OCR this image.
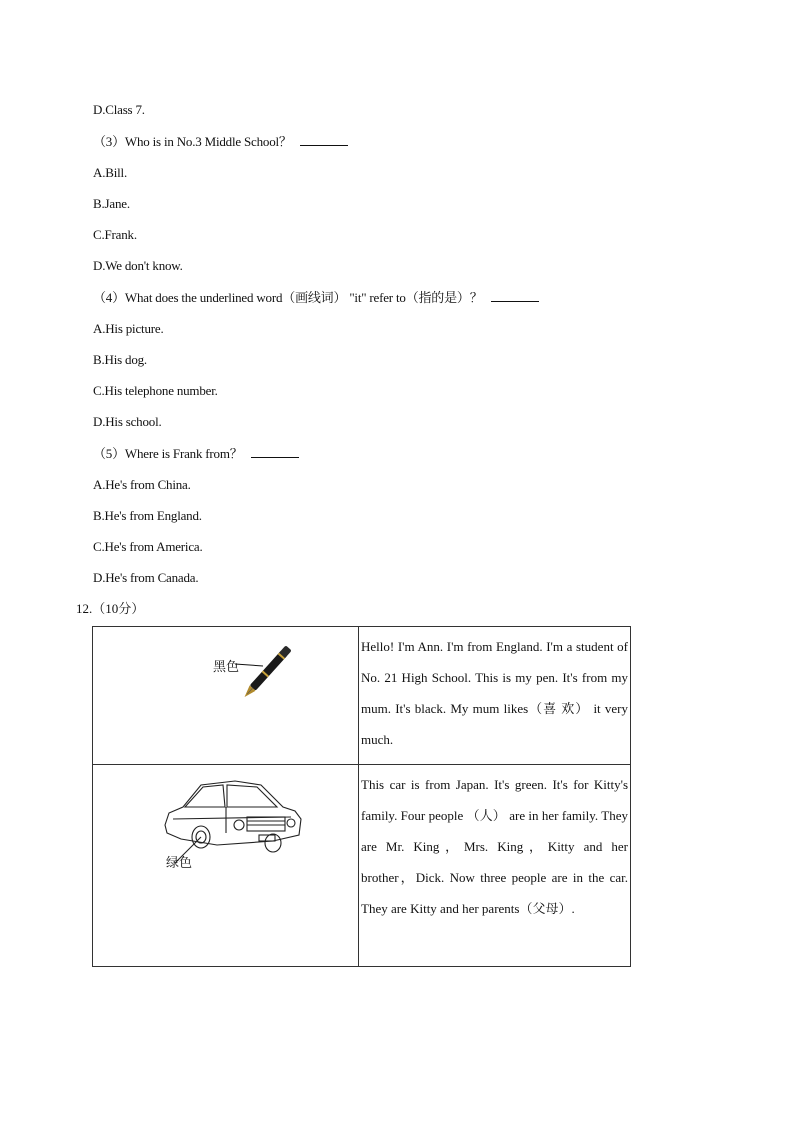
D.Class 7.
（3）Who is in No.3 Middle School？
A.Bill.
B.Jane.
C.Frank.
D.We don't know.
（4）What does the underlined word（画线词） "it" refer to（指的是）？
A.His picture.
B.His dog.
C.His telephone number.
D.His school.
（5）Where is Frank from？
A.He's from China.
B.He's from England.
C.He's from America.
D.He's from Canada.
12.（10分）
黑色	Hello! I'm Ann. I'm from England. I'm a student of No. 21 High School. This is my pen. It's from my mum. It's black. My mum likes（喜 欢） it very much.

绿色	This car is from Japan. It's green. It's for Kitty's family. Four people （人） are in her family. They are Mr. King，Mrs. King，Kitty and her brother，Dick. Now three people are in the car. They are Kitty and her parents（父母）.
